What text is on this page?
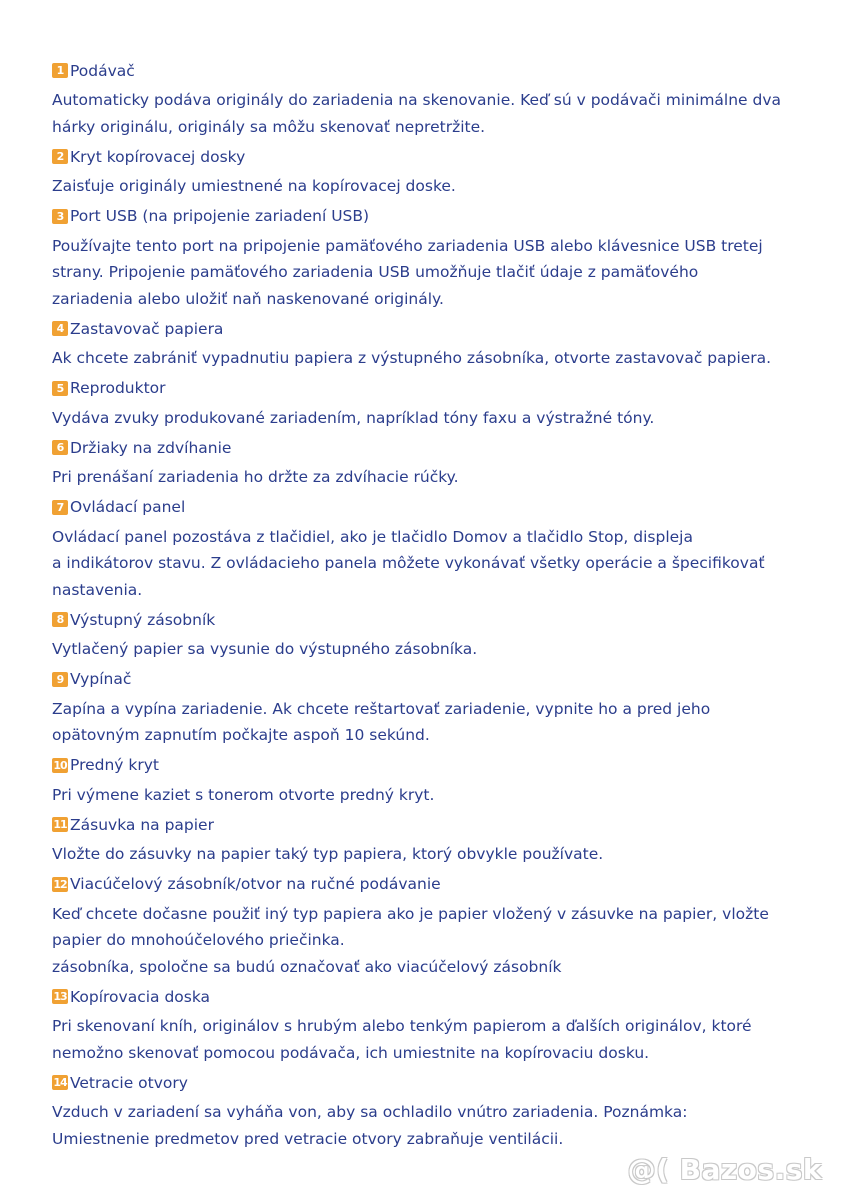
1 Podávač
Automaticky podáva originály do zariadenia na skenovanie. Keď sú v podávači minimálne dva
hárky originálu, originály sa môžu skenovať nepretržite.
2 Kryt kopírovacej dosky
Zaisťuje originály umiestnené na kopírovacej doske.
3 Port USB (na pripojenie zariadení USB)
Používajte tento port na pripojenie pamäťového zariadenia USB alebo klávesnice USB tretej
strany. Pripojenie pamäťového zariadenia USB umožňuje tlačiť údaje z pamäťového
zariadenia alebo uložiť naň naskenované originály.
4 Zastavovač papiera
Ak chcete zabrániť vypadnutiu papiera z výstupného zásobníka, otvorte zastavovač papiera.
5 Reproduktor
Vydáva zvuky produkované zariadením, napríklad tóny faxu a výstražné tóny.
6 Držiaky na zdvíhanie
Pri prenášaní zariadenia ho držte za zdvíhacie rúčky.
7 Ovládací panel
Ovládací panel pozostáva z tlačidiel, ako je tlačidlo Domov a tlačidlo Stop, displeja
a indikátorov stavu. Z ovládacieho panela môžete vykonávať všetky operácie a špecifikovať
nastavenia.
8 Výstupný zásobník
Vytlačený papier sa vysunie do výstupného zásobníka.
9 Vypínač
Zapína a vypína zariadenie. Ak chcete reštartovať zariadenie, vypnite ho a pred jeho
opätovným zapnutím počkajte aspoň 10 sekúnd.
10 Predný kryt
Pri výmene kaziet s tonerom otvorte predný kryt.
11 Zásuvka na papier
Vložte do zásuvky na papier taký typ papiera, ktorý obvykle používate.
12 Viacúčelový zásobník/otvor na ručné podávanie
Keď chcete dočasne použiť iný typ papiera ako je papier vložený v zásuvke na papier, vložte
papier do mnohoúčelového priečinka.
zásobníka, spoločne sa budú označovať ako viacúčelový zásobník
13 Kopírovacia doska
Pri skenovaní kníh, originálov s hrubým alebo tenkým papierom a ďalších originálov, ktoré
nemožno skenovať pomocou podávača, ich umiestnite na kopírovaciu dosku.
14 Vetracie otvory
Vzduch v zariadení sa vyháňa von, aby sa ochladilo vnútro zariadenia. Poznámka:
Umiestnenie predmetov pred vetracie otvory zabraňuje ventilácii.
@( Bazos.sk
